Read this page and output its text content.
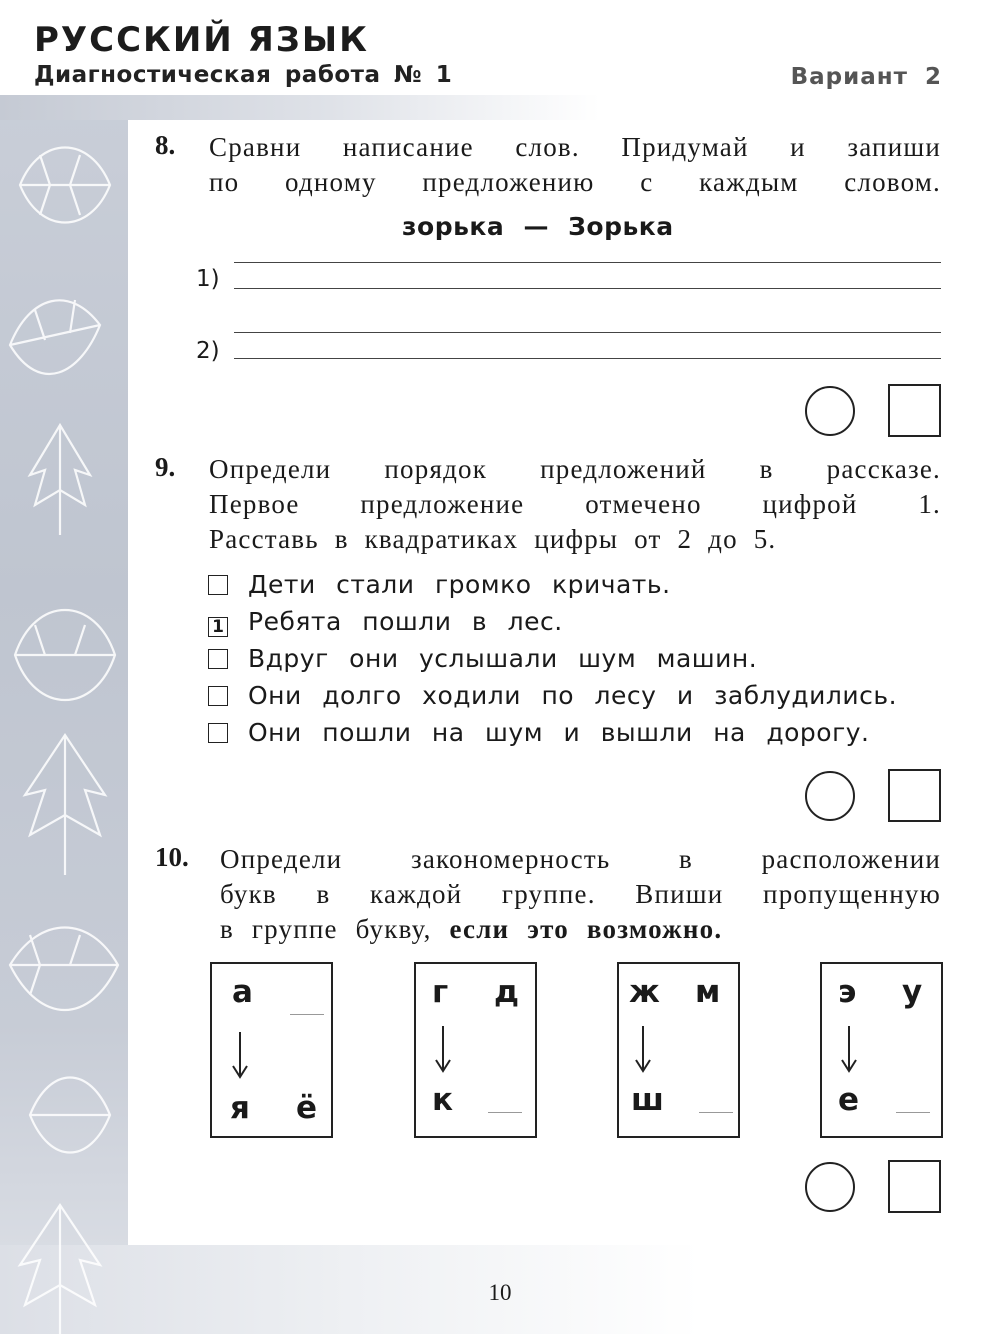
РУССКИЙ ЯЗЫК
Диагностическая работа № 1	Вариант 2
8. Сравни написание слов. Придумай и запиши
по одному предложению с каждым словом.
зорька — Зорька
1)
2)
9. Определи порядок предложений в рассказе.
Первое предложение отмечено цифрой 1.
Расставь в квадратиках цифры от 2 до 5.
Дети стали громко кричать.
1 Ребята пошли в лес.
Вдруг они услышали шум машин.
Они долго ходили по лесу и заблудились.
Они пошли на шум и вышли на дорогу.
10. Определи закономерность в расположении
букв в каждой группе. Впиши пропущенную
в группе букву, если это возможно.
а
я ё
г д
к
ж м
ш
э у
е
10
